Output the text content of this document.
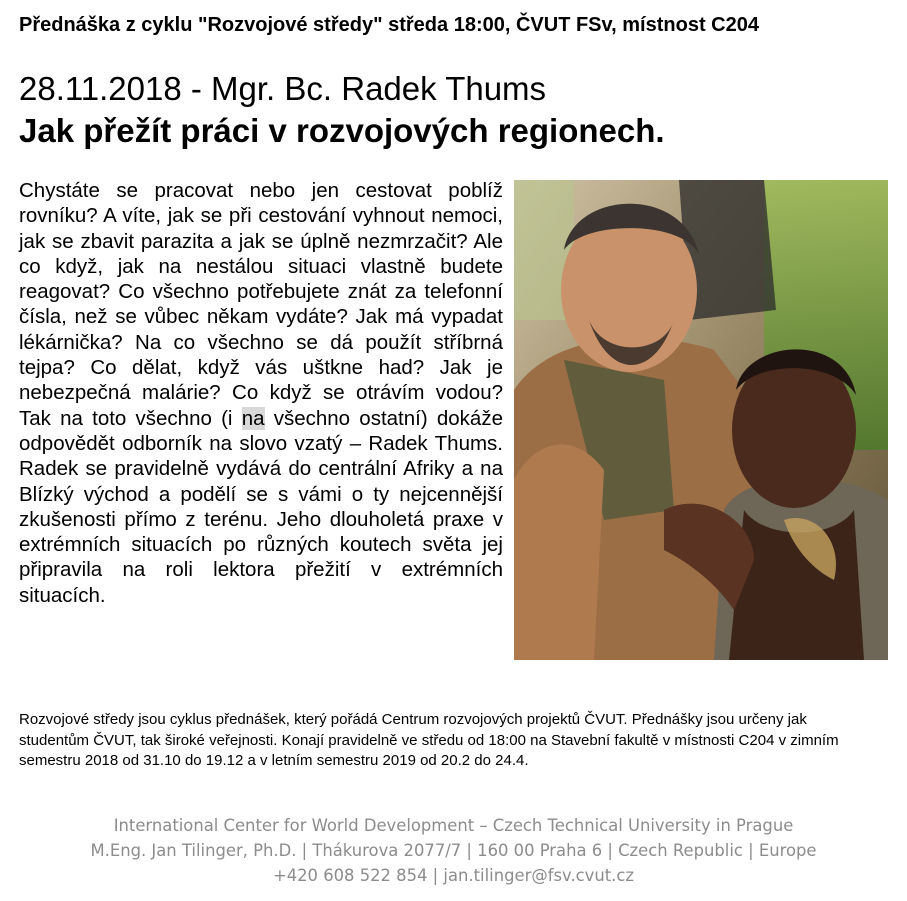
Přednáška z cyklu "Rozvojové středy" středa 18:00, ČVUT FSv, místnost C204
28.11.2018 - Mgr. Bc. Radek Thums
Jak přežít práci v rozvojových regionech.

Chystáte se pracovat nebo jen cestovat poblíž rovníku? A víte, jak se při cestování vyhnout nemoci, jak se zbavit parazita a jak se úplně nezmrzačit? Ale co když, jak na nestálou situaci vlastně budete reagovat? Co všechno potřebujete znát za telefonní čísla, než se vůbec někam vydáte? Jak má vypadat lékárnička? Na co všechno se dá použít stříbrná tejpa? Co dělat, když vás uštkne had? Jak je nebezpečná malárie? Co když se otrávím vodou? Tak na toto všechno (i na všechno ostatní) dokáže odpovědět odborník na slovo vzatý – Radek Thums. Radek se pravidelně vydává do centrální Afriky a na Blízký východ a podělí se s vámi o ty nejcennější zkušenosti přímo z terénu. Jeho dlouholetá praxe v extrémních situacích po různých koutech světa jej připravila na roli lektora přežití v extrémních situacích.

Rozvojové středy jsou cyklus přednášek, který pořádá Centrum rozvojových projektů ČVUT. Přednášky jsou určeny jak studentům ČVUT, tak široké veřejnosti. Konají pravidelně ve středu od 18:00 na Stavební fakultě v místnosti C204 v zimním semestru 2018 od 31.10 do 19.12 a v letním semestru 2019 od 20.2 do 24.4.

International Center for World Development – Czech Technical University in Prague
M.Eng. Jan Tilinger, Ph.D. | Thákurova 2077/7 | 160 00 Praha 6 | Czech Republic | Europe
+420 608 522 854 | jan.tilinger@fsv.cvut.cz
